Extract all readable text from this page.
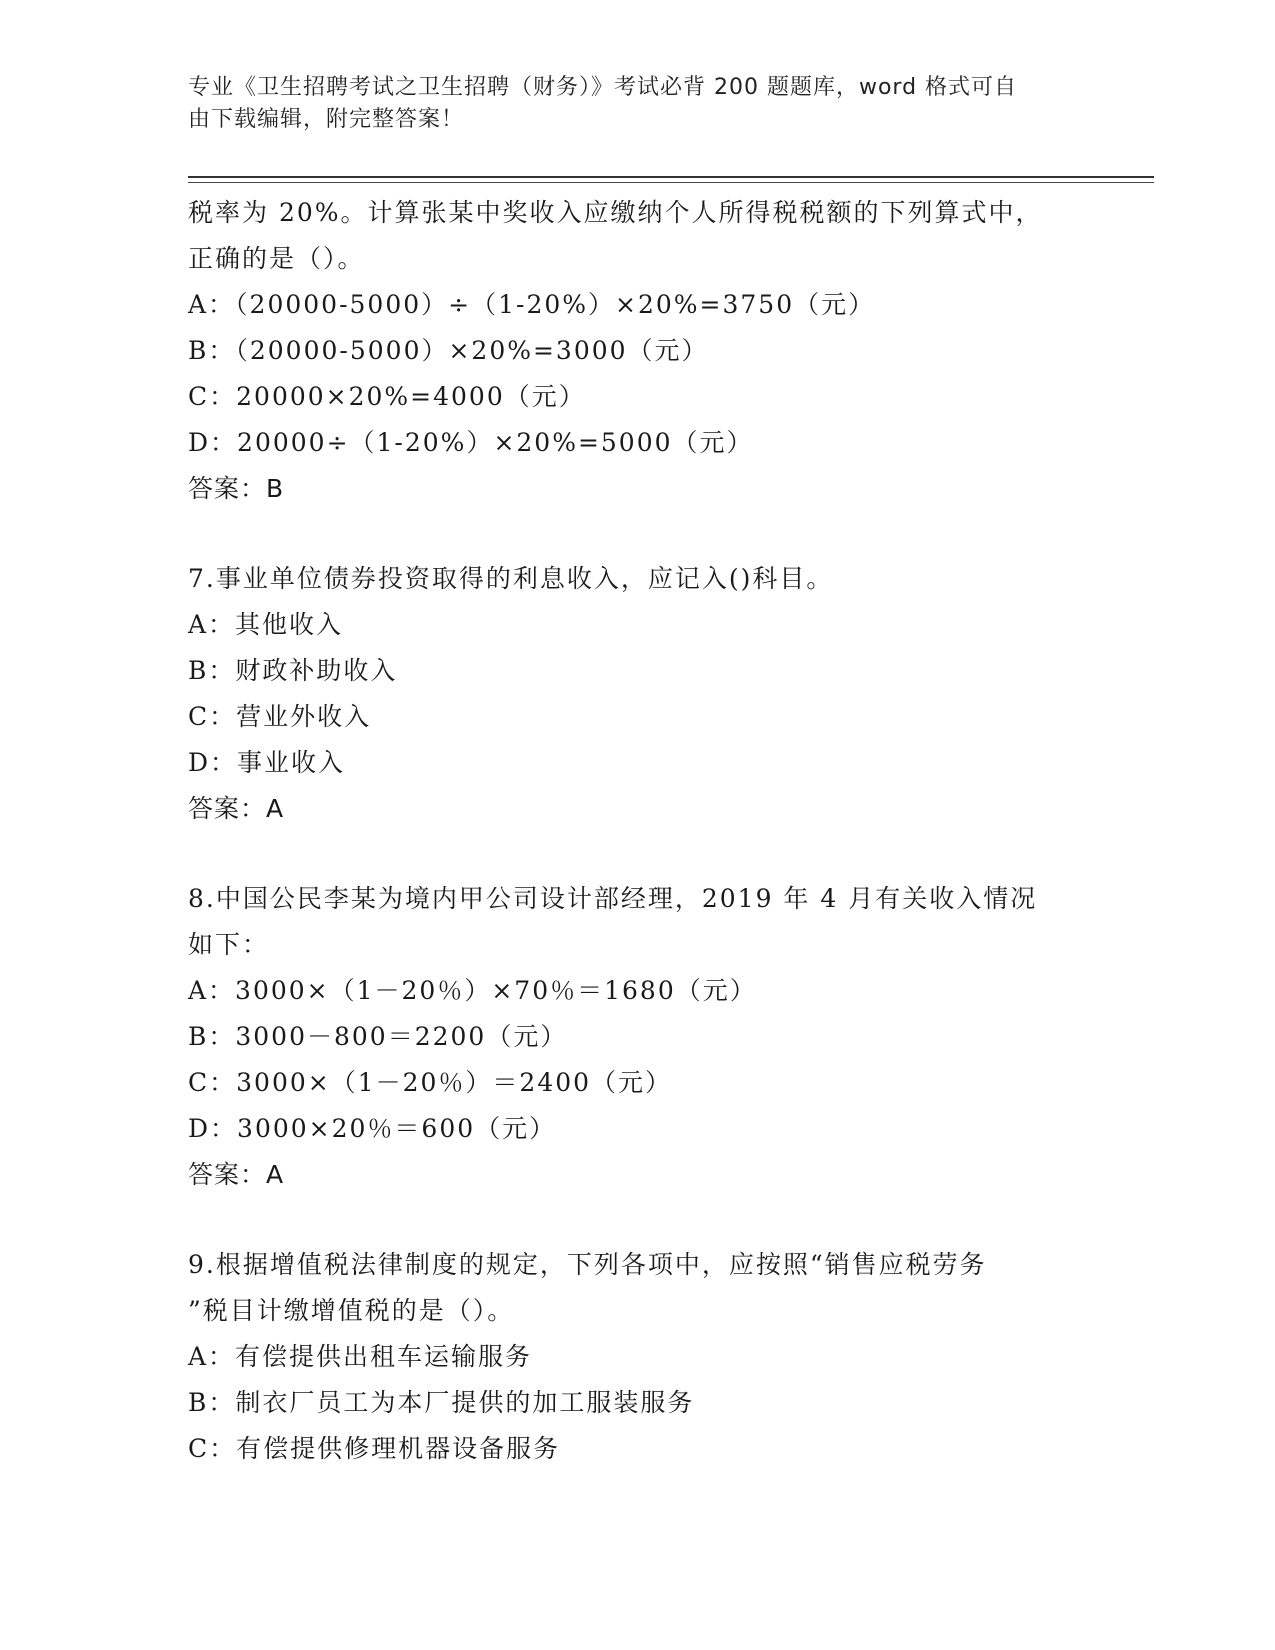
专业《卫生招聘考试之卫生招聘（财务）》考试必背 200 题题库，word 格式可自
由下载编辑，附完整答案！
税率为 20%。计算张某中奖收入应缴纳个人所得税税额的下列算式中，
正确的是（）。
A：（20000-5000）÷（1-20%）×20%=3750（元）
B：（20000-5000）×20%=3000（元）
C：20000×20%=4000（元）
D：20000÷（1-20%）×20%=5000（元）
答案：B
7.事业单位债券投资取得的利息收入，应记入()科目。
A：其他收入
B：财政补助收入
C：营业外收入
D：事业收入
答案：A
8.中国公民李某为境内甲公司设计部经理，2019 年 4 月有关收入情况
如下：
A：3000×（1－20％）×70％＝1680（元）
B：3000－800＝2200（元）
C：3000×（1－20％）＝2400（元）
D：3000×20％＝600（元）
答案：A
9.根据增值税法律制度的规定，下列各项中，应按照“销售应税劳务
”税目计缴增值税的是（）。
A：有偿提供出租车运输服务
B：制衣厂员工为本厂提供的加工服装服务
C：有偿提供修理机器设备服务
